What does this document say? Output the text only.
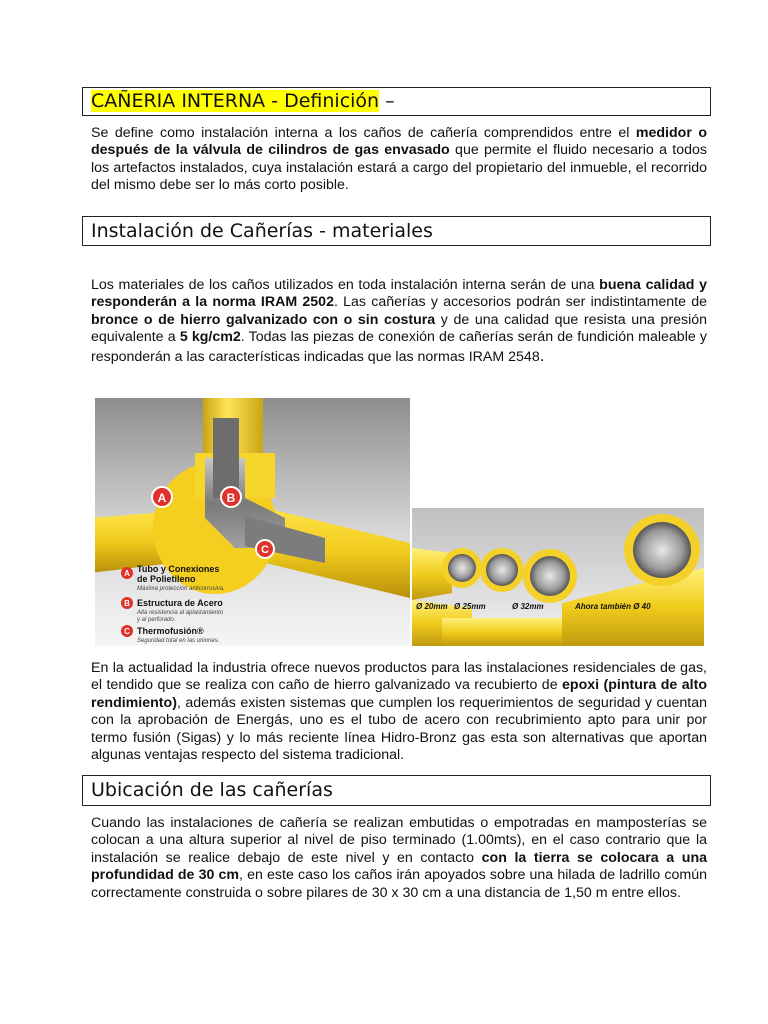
CAÑERIA INTERNA - Definición –

Se define como instalación interna a los caños de cañería comprendidos entre el medidor o después de la válvula de cilindros de gas envasado que permite el fluido necesario a todos los artefactos instalados, cuya instalación estará a cargo del propietario del inmueble, el recorrido del mismo debe ser lo más corto posible.

Instalación de Cañerías - materiales

Los materiales de los caños utilizados en toda instalación interna serán de una buena calidad y responderán a la norma IRAM 2502. Las cañerías y accesorios podrán ser indistintamente de bronce o de hierro galvanizado con o sin costura y de una calidad que resista una presión equivalente a 5 kg/cm2. Todas las piezas de conexión de cañerías serán de fundición maleable y responderán a las características indicadas que las normas IRAM 2548.

A	B
C
A Tubo y Conexiones
de Polietileno
Máxima protección anticorrosiva.
B Estructura de Acero
Alta resistencia al aplastamiento
y al perforado.
C Thermofusión®
Seguridad total en las uniones.
Ø 20mm Ø 25mm	Ø 32mm	Ahora también Ø 40

En la actualidad la industria ofrece nuevos productos para las instalaciones residenciales de gas, el tendido que se realiza con caño de hierro galvanizado va recubierto de epoxi (pintura de alto rendimiento), además existen sistemas que cumplen los requerimientos de seguridad y cuentan con la aprobación de Energás, uno es el tubo de acero con recubrimiento apto para unir por termo fusión (Sigas) y lo más reciente línea Hidro-Bronz gas esta son alternativas que aportan algunas ventajas respecto del sistema tradicional.

Ubicación de las cañerías

Cuando las instalaciones de cañería se realizan embutidas o empotradas en mamposterías se colocan a una altura superior al nivel de piso terminado (1.00mts), en el caso contrario que la instalación se realice debajo de este nivel y en contacto con la tierra se colocara a una profundidad de 30 cm, en este caso los caños irán apoyados sobre una hilada de ladrillo común correctamente construida o sobre pilares de 30 x 30 cm a una distancia de 1,50 m entre ellos.
